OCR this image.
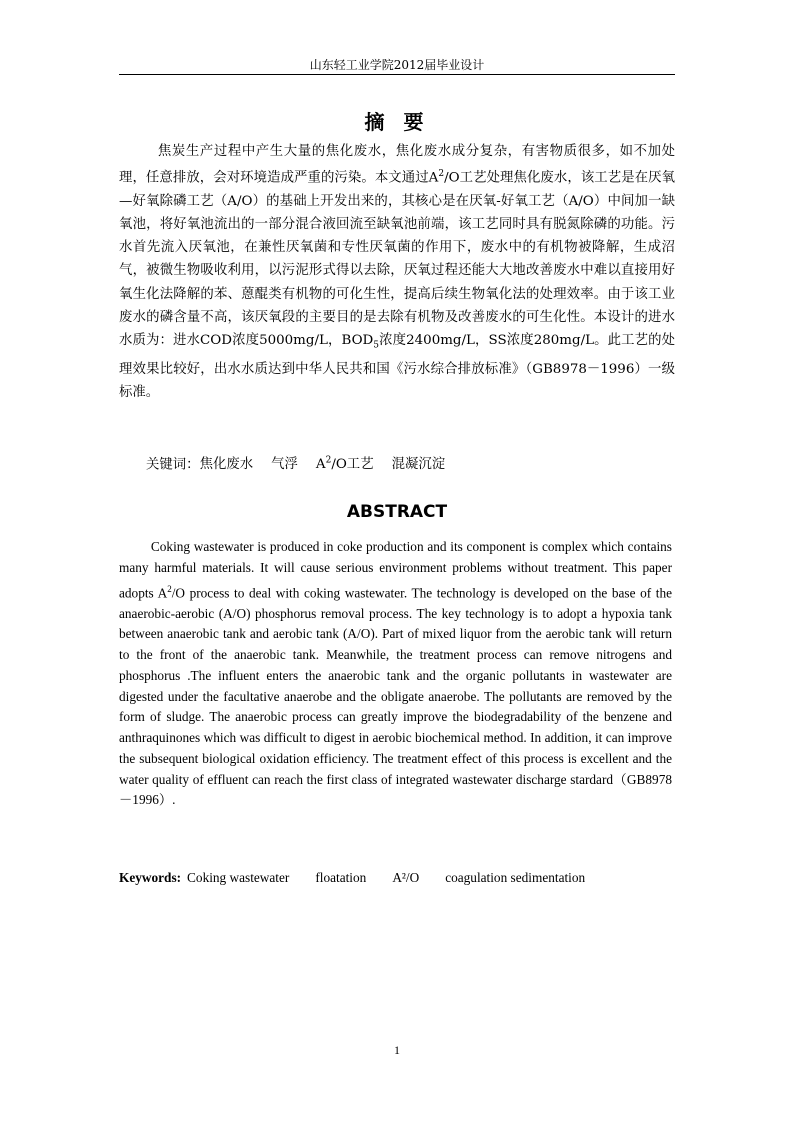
山东轻工业学院2012届毕业设计
摘 要

焦炭生产过程中产生大量的焦化废水，焦化废水成分复杂，有害物质很多，如不加处理，任意排放，会对环境造成严重的污染。本文通过$A^2/O$工艺处理焦化废水，该工艺是在厌氧—好氧除磷工艺（A/O）的基础上开发出来的，其核心是在厌氧-好氧工艺（A/O）中间加一缺氧池，将好氧池流出的一部分混合液回流至缺氧池前端，该工艺同时具有脱氮除磷的功能。污水首先流入厌氧池，在兼性厌氧菌和专性厌氧菌的作用下，废水中的有机物被降解，生成沼气，被微生物吸收利用，以污泥形式得以去除，厌氧过程还能大大地改善废水中难以直接用好氧生化法降解的苯、蒽醌类有机物的可化生性，提高后续生物氧化法的处理效率。由于该工业废水的磷含量不高，该厌氧段的主要目的是去除有机物及改善废水的可生化性。本设计的进水水质为：进水COD浓度5000mg/L，$BOD_5$浓度2400mg/L，SS浓度280mg/L。此工艺的处理效果比较好，出水水质达到中华人民共和国《污水综合排放标准》（GB8978－1996）一级标准。

关键词：焦化废水 气浮 $A^2/O$工艺 混凝沉淀
ABSTRACT

Coking wastewater is produced in coke production and its component is complex which contains many harmful materials. It will cause serious environment problems without treatment. This paper adopts $A^2/O$ process to deal with coking wastewater. The technology is developed on the base of the anaerobic-aerobic (A/O) phosphorus removal process. The key technology is to adopt a hypoxia tank between anaerobic tank and aerobic tank (A/O). Part of mixed liquor from the aerobic tank will return to the front of the anaerobic tank. Meanwhile, the treatment process can remove nitrogens and phosphorus .The influent enters the anaerobic tank and the organic pollutants in wastewater are digested under the facultative anaerobe and the obligate anaerobe. The pollutants are removed by the form of sludge. The anaerobic process can greatly improve the biodegradability of the benzene and anthraquinones which was difficult to digest in aerobic biochemical method. In addition, it can improve the subsequent biological oxidation efficiency. The treatment effect of this process is excellent and the water quality of effluent can reach the first class of integrated wastewater discharge stardard（GB8978－1996）.

Keywords: Coking wastewater floatation A²/O coagulation sedimentation
1
